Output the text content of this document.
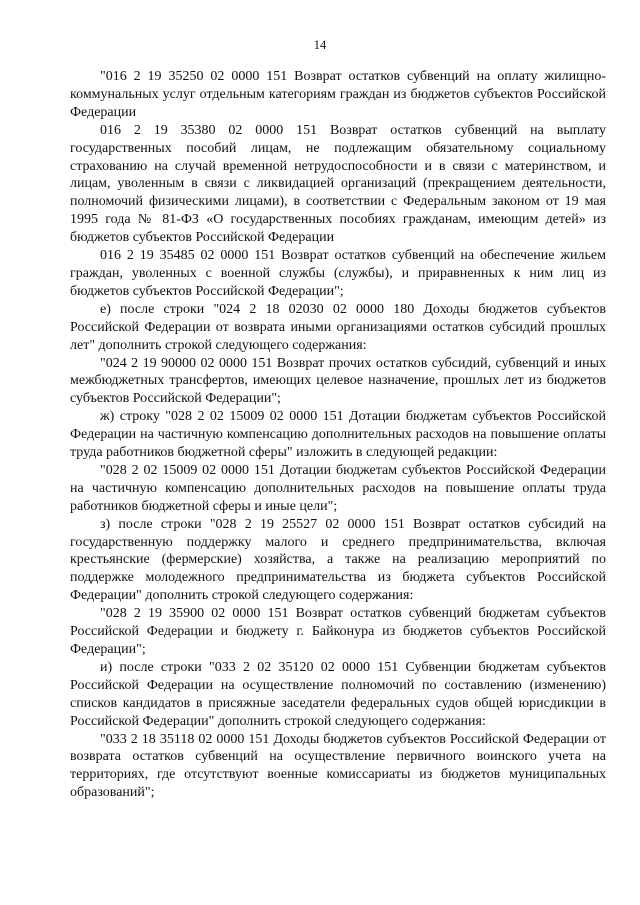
14

"016 2 19 35250 02 0000 151 Возврат остатков субвенций на оплату жилищно-коммунальных услуг отдельным категориям граждан из бюджетов субъектов Российской Федерации

016 2 19 35380 02 0000 151 Возврат остатков субвенций на выплату государственных пособий лицам, не подлежащим обязательному социальному страхованию на случай временной нетрудоспособности и в связи с материнством, и лицам, уволенным в связи с ликвидацией организаций (прекращением деятельности, полномочий физическими лицами), в соответствии с Федеральным законом от 19 мая 1995 года № 81-ФЗ «О государственных пособиях гражданам, имеющим детей» из бюджетов субъектов Российской Федерации

016 2 19 35485 02 0000 151 Возврат остатков субвенций на обеспечение жильем граждан, уволенных с военной службы (службы), и приравненных к ним лиц из бюджетов субъектов Российской Федерации";

е) после строки "024 2 18 02030 02 0000 180 Доходы бюджетов субъектов Российской Федерации от возврата иными организациями остатков субсидий прошлых лет" дополнить строкой следующего содержания:

"024 2 19 90000 02 0000 151 Возврат прочих остатков субсидий, субвенций и иных межбюджетных трансфертов, имеющих целевое назначение, прошлых лет из бюджетов субъектов Российской Федерации";

ж) строку "028 2 02 15009 02 0000 151 Дотации бюджетам субъектов Российской Федерации на частичную компенсацию дополнительных расходов на повышение оплаты труда работников бюджетной сферы" изложить в следующей редакции:

"028 2 02 15009 02 0000 151 Дотации бюджетам субъектов Российской Федерации на частичную компенсацию дополнительных расходов на повышение оплаты труда работников бюджетной сферы и иные цели";

з) после строки "028 2 19 25527 02 0000 151 Возврат остатков субсидий на государственную поддержку малого и среднего предпринимательства, включая крестьянские (фермерские) хозяйства, а также на реализацию мероприятий по поддержке молодежного предпринимательства из бюджета субъектов Российской Федерации" дополнить строкой следующего содержания:

"028 2 19 35900 02 0000 151 Возврат остатков субвенций бюджетам субъектов Российской Федерации и бюджету г. Байконура из бюджетов субъектов Российской Федерации";

и) после строки "033 2 02 35120 02 0000 151 Субвенции бюджетам субъектов Российской Федерации на осуществление полномочий по составлению (изменению) списков кандидатов в присяжные заседатели федеральных судов общей юрисдикции в Российской Федерации" дополнить строкой следующего содержания:

"033 2 18 35118 02 0000 151 Доходы бюджетов субъектов Российской Федерации от возврата остатков субвенций на осуществление первичного воинского учета на территориях, где отсутствуют военные комиссариаты из бюджетов муниципальных образований";
